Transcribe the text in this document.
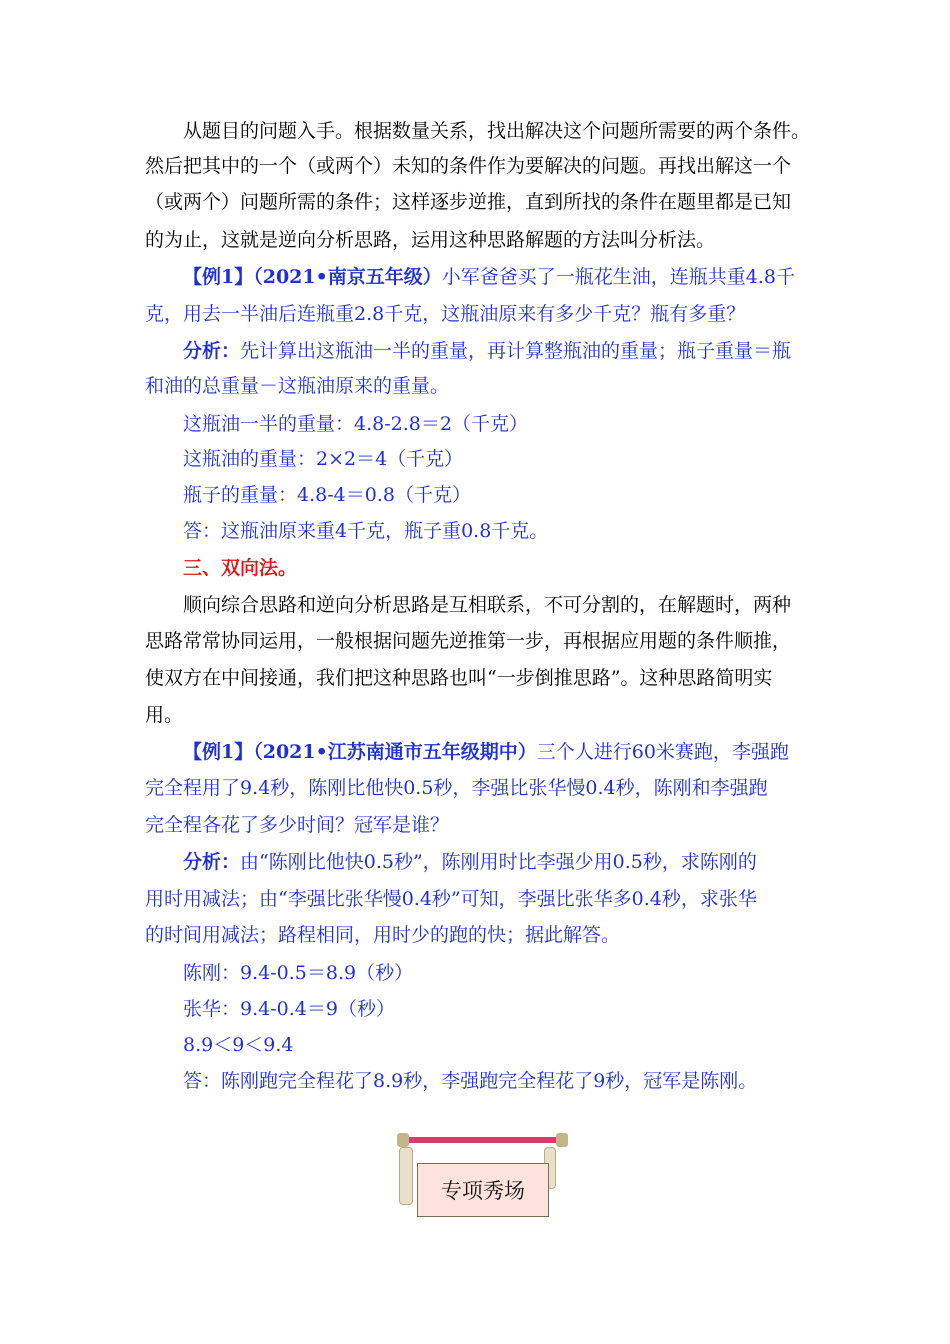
从题目的问题入手。根据数量关系，找出解决这个问题所需要的两个条件。
然后把其中的一个（或两个）未知的条件作为要解决的问题。再找出解这一个
（或两个）问题所需的条件；这样逐步逆推，直到所找的条件在题里都是已知
的为止，这就是逆向分析思路，运用这种思路解题的方法叫分析法。
【例1】（2021•南京五年级）小军爸爸买了一瓶花生油，连瓶共重4.8千
克，用去一半油后连瓶重2.8千克，这瓶油原来有多少千克？瓶有多重？
分析：先计算出这瓶油一半的重量，再计算整瓶油的重量；瓶子重量＝瓶
和油的总重量－这瓶油原来的重量。
这瓶油一半的重量：4.8-2.8＝2（千克）
这瓶油的重量：2×2＝4（千克）
瓶子的重量：4.8-4＝0.8（千克）
答：这瓶油原来重4千克，瓶子重0.8千克。
三、双向法。
顺向综合思路和逆向分析思路是互相联系，不可分割的，在解题时，两种
思路常常协同运用，一般根据问题先逆推第一步，再根据应用题的条件顺推，
使双方在中间接通，我们把这种思路也叫“一步倒推思路”。这种思路简明实
用。
【例1】（2021•江苏南通市五年级期中）三个人进行60米赛跑，李强跑
完全程用了9.4秒，陈刚比他快0.5秒，李强比张华慢0.4秒，陈刚和李强跑
完全程各花了多少时间？冠军是谁？
分析：由“陈刚比他快0.5秒”，陈刚用时比李强少用0.5秒，求陈刚的
用时用减法；由“李强比张华慢0.4秒”可知，李强比张华多0.4秒，求张华
的时间用减法；路程相同，用时少的跑的快；据此解答。
陈刚：9.4-0.5＝8.9（秒）
张华：9.4-0.4＝9（秒）
8.9＜9＜9.4
答：陈刚跑完全程花了8.9秒，李强跑完全程花了9秒，冠军是陈刚。
专项秀场
